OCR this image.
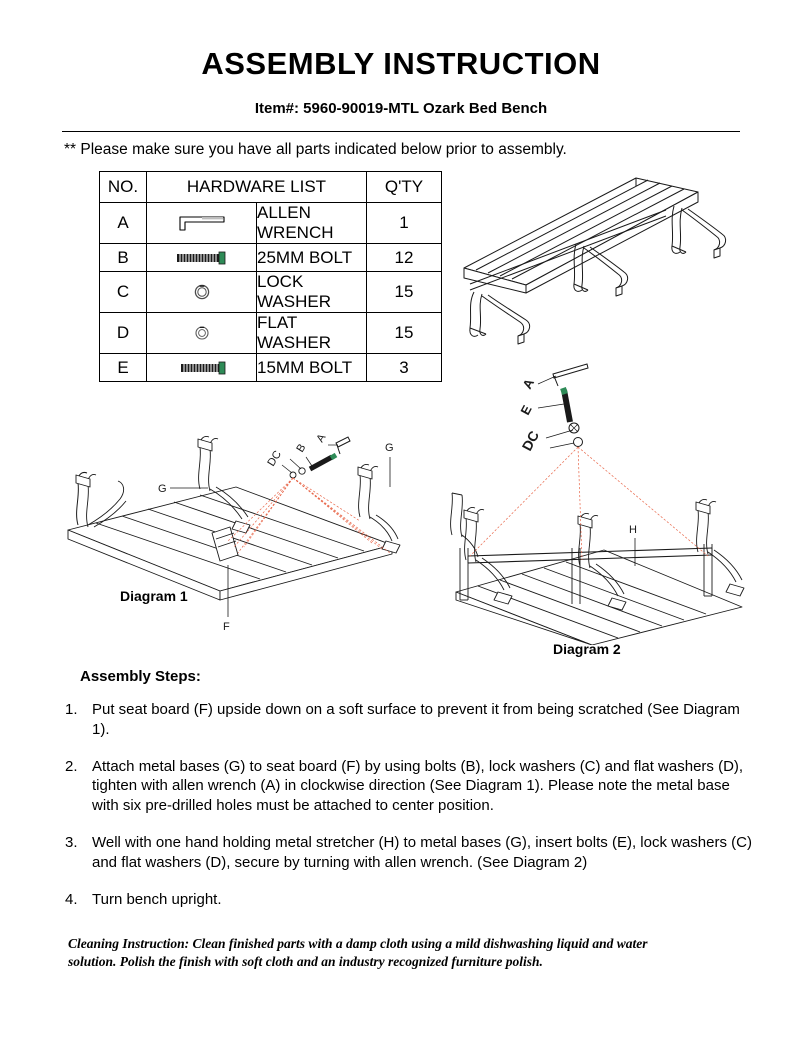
ASSEMBLY INSTRUCTION
Item#: 5960-90019-MTL Ozark Bed Bench
** Please make sure you have all parts indicated below prior to assembly.
NO.	HARDWARE LIST		Q'TY
A		ALLEN WRENCH	1
B		25MM BOLT	12
C		LOCK WASHER	15
D		FLAT WASHER	15
E		15MM BOLT	3
DC
B
A
G
G
F
Diagram 1
A
E
DC
H
Diagram 2
Assembly Steps:
1. Put seat board (F) upside down on a soft surface to prevent it from being scratched (See Diagram 1).
2. Attach metal bases (G) to seat board (F) by using bolts (B), lock washers (C) and flat washers (D), tighten with allen wrench (A) in clockwise direction (See Diagram 1). Please note the metal base with six pre-drilled holes must be attached to center position.
3. Well with one hand holding metal stretcher (H) to metal bases (G), insert bolts (E), lock washers (C) and flat washers (D), secure by turning with allen wrench. (See Diagram 2)
4. Turn bench upright.
Cleaning Instruction: Clean finished parts with a damp cloth using a mild dishwashing liquid and water solution. Polish the finish with soft cloth and an industry recognized furniture polish.
